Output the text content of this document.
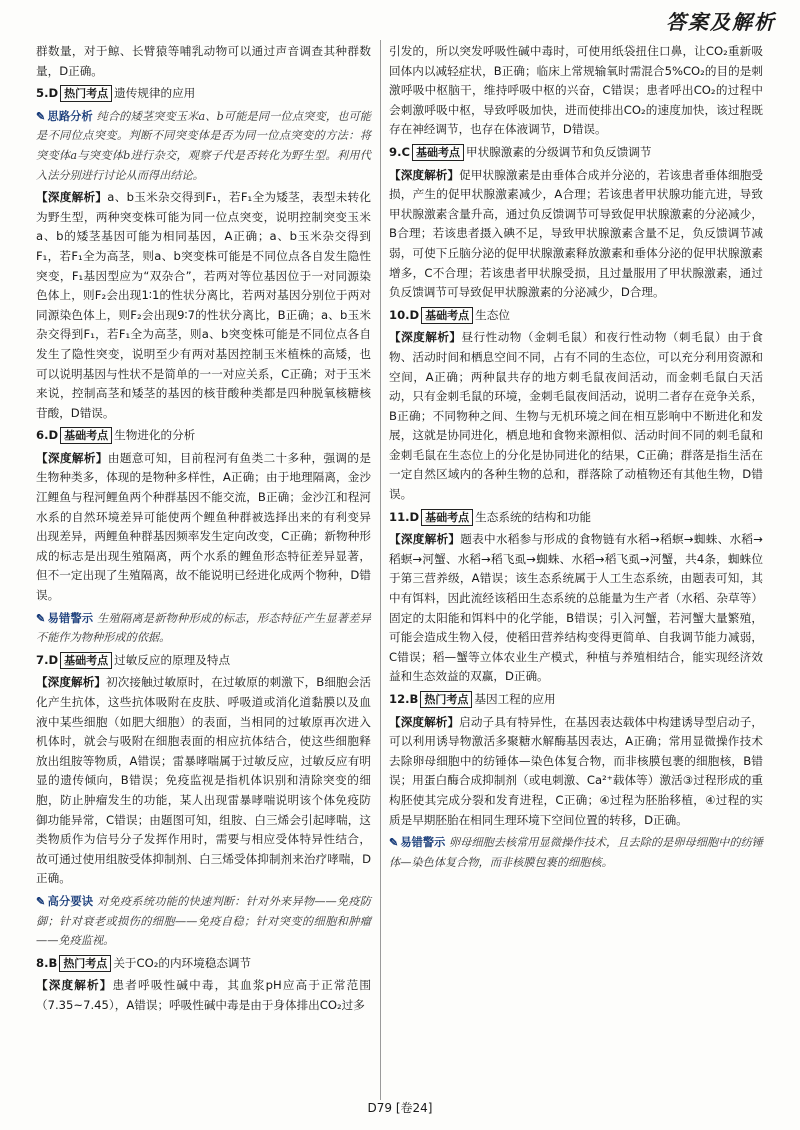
答案及解析

群数量，对于鲸、长臂猿等哺乳动物可以通过声音调查其种群数量，D正确。

5.D 热门考点 遗传规律的应用

✎ 思路分析 纯合的矮茎突变玉米a、b可能是同一位点突变，也可能是不同位点突变。判断不同突变体是否为同一位点突变的方法：将突变体a与突变体b进行杂交，观察子代是否转化为野生型。利用代入法分别进行讨论从而得出结论。

【深度解析】a、b玉米杂交得到F₁，若F₁全为矮茎，表型未转化为野生型，两种突变株可能为同一位点突变，说明控制突变玉米a、b的矮茎基因可能为相同基因，A正确；a、b玉米杂交得到F₁，若F₁全为高茎，则a、b突变株可能是不同位点各自发生隐性突变，F₁基因型应为“双杂合”，若两对等位基因位于一对同源染色体上，则F₂会出现1∶1的性状分离比，若两对基因分别位于两对同源染色体上，则F₂会出现9∶7的性状分离比，B正确；a、b玉米杂交得到F₁，若F₁全为高茎，则a、b突变株可能是不同位点各自发生了隐性突变，说明至少有两对基因控制玉米植株的高矮，也可以说明基因与性状不是简单的一一对应关系，C正确；对于玉米来说，控制高茎和矮茎的基因的核苷酸种类都是四种脱氧核糖核苷酸，D错误。

6.D 基础考点 生物进化的分析

【深度解析】由题意可知，目前程河有鱼类二十多种，强调的是生物种类多，体现的是物种多样性，A正确；由于地理隔离，金沙江鲤鱼与程河鲤鱼两个种群基因不能交流，B正确；金沙江和程河水系的自然环境差异可能使两个鲤鱼种群被选择出来的有利变异出现差异，两鲤鱼种群基因频率发生定向改变，C正确；新物种形成的标志是出现生殖隔离，两个水系的鲤鱼形态特征差异显著，但不一定出现了生殖隔离，故不能说明已经进化成两个物种，D错误。

✎ 易错警示 生殖隔离是新物种形成的标志，形态特征产生显著差异不能作为物种形成的依据。

7.D 基础考点 过敏反应的原理及特点

【深度解析】初次接触过敏原时，在过敏原的刺激下，B细胞会活化产生抗体，这些抗体吸附在皮肤、呼吸道或消化道黏膜以及血液中某些细胞（如肥大细胞）的表面，当相同的过敏原再次进入机体时，就会与吸附在细胞表面的相应抗体结合，使这些细胞释放出组胺等物质，A错误；雷暴哮喘属于过敏反应，过敏反应有明显的遗传倾向，B错误；免疫监视是指机体识别和清除突变的细胞，防止肿瘤发生的功能，某人出现雷暴哮喘说明该个体免疫防御功能异常，C错误；由题图可知，组胺、白三烯会引起哮喘，这类物质作为信号分子发挥作用时，需要与相应受体特异性结合，故可通过使用组胺受体抑制剂、白三烯受体抑制剂来治疗哮喘，D正确。

✎ 高分要诀 对免疫系统功能的快速判断：针对外来异物——免疫防御；针对衰老或损伤的细胞——免疫自稳；针对突变的细胞和肿瘤——免疫监视。

8.B 热门考点 关于CO₂的内环境稳态调节

【深度解析】患者呼吸性碱中毒，其血浆pH应高于正常范围（7.35~7.45），A错误；呼吸性碱中毒是由于身体排出CO₂过多

引发的，所以突发呼吸性碱中毒时，可使用纸袋扭住口鼻，让CO₂重新吸回体内以减轻症状，B正确；临床上常规输氧时需混合5%CO₂的目的是刺激呼吸中枢脑干，维持呼吸中枢的兴奋，C错误；患者呼出CO₂的过程中会刺激呼吸中枢，导致呼吸加快，进而使排出CO₂的速度加快，该过程既存在神经调节，也存在体液调节，D错误。

9.C 基础考点 甲状腺激素的分级调节和负反馈调节

【深度解析】促甲状腺激素是由垂体合成并分泌的，若该患者垂体细胞受损，产生的促甲状腺激素减少，A合理；若该患者甲状腺功能亢进，导致甲状腺激素含量升高，通过负反馈调节可导致促甲状腺激素的分泌减少，B合理；若该患者摄入碘不足，导致甲状腺激素含量不足，负反馈调节减弱，可使下丘脑分泌的促甲状腺激素释放激素和垂体分泌的促甲状腺激素增多，C不合理；若该患者甲状腺受损，且过量服用了甲状腺激素，通过负反馈调节可导致促甲状腺激素的分泌减少，D合理。

10.D 基础考点 生态位

【深度解析】昼行性动物（金刺毛鼠）和夜行性动物（刺毛鼠）由于食物、活动时间和栖息空间不同，占有不同的生态位，可以充分利用资源和空间，A正确；两种鼠共存的地方刺毛鼠夜间活动，而金刺毛鼠白天活动，只有金刺毛鼠的环境，金刺毛鼠夜间活动，说明二者存在竞争关系，B正确；不同物种之间、生物与无机环境之间在相互影响中不断进化和发展，这就是协同进化，栖息地和食物来源相似、活动时间不同的刺毛鼠和金刺毛鼠在生态位上的分化是协同进化的结果，C正确；群落是指生活在一定自然区域内的各种生物的总和，群落除了动植物还有其他生物，D错误。

11.D 基础考点 生态系统的结构和功能

【深度解析】题表中水稻参与形成的食物链有水稻→稻螟→蜘蛛、水稻→稻螟→河蟹、水稻→稻飞虱→蜘蛛、水稻→稻飞虱→河蟹，共4条，蜘蛛位于第三营养级，A错误；该生态系统属于人工生态系统，由题表可知，其中有饵料，因此流经该稻田生态系统的总能量为生产者（水稻、杂草等）固定的太阳能和饵料中的化学能，B错误；引入河蟹，若河蟹大量繁殖，可能会造成生物入侵，使稻田营养结构变得更简单、自我调节能力减弱，C错误；稻—蟹等立体农业生产模式，种植与养殖相结合，能实现经济效益和生态效益的双赢，D正确。

12.B 热门考点 基因工程的应用

【深度解析】启动子具有特异性，在基因表达载体中构建诱导型启动子，可以利用诱导物激活多聚糖水解酶基因表达，A正确；常用显微操作技术去除卵母细胞中的纺锤体—染色体复合物，而非核膜包裹的细胞核，B错误；用蛋白酶合成抑制剂（或电刺激、Ca²⁺载体等）激活③过程形成的重构胚使其完成分裂和发育进程，C正确；④过程为胚胎移植，④过程的实质是早期胚胎在相同生理环境下空间位置的转移，D正确。

✎ 易错警示 卵母细胞去核常用显微操作技术，且去除的是卵母细胞中的纺锤体—染色体复合物，而非核膜包裹的细胞核。

D79 [卷24]
